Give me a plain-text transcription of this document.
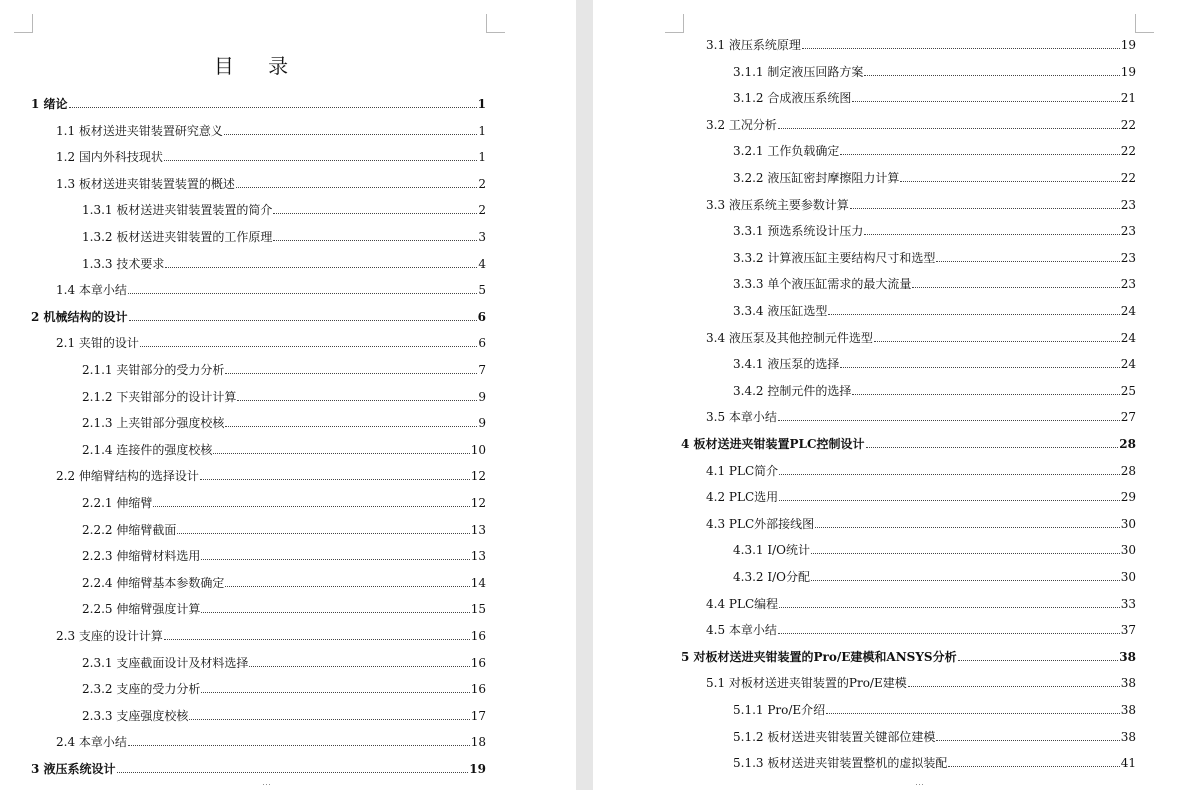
目 录
1 绪论	1
1.1 板材送进夹钳装置研究意义	1
1.2 国内外科技现状	1
1.3 板材送进夹钳装置装置的概述	2
1.3.1 板材送进夹钳装置装置的简介	2
1.3.2 板材送进夹钳装置的工作原理	3
1.3.3 技术要求	4
1.4 本章小结	5
2 机械结构的设计	6
2.1 夹钳的设计	6
2.1.1 夹钳部分的受力分析	7
2.1.2 下夹钳部分的设计计算	9
2.1.3 上夹钳部分强度校核	9
2.1.4 连接件的强度校核	10
2.2 伸缩臂结构的选择设计	12
2.2.1 伸缩臂	12
2.2.2 伸缩臂截面	13
2.2.3 伸缩臂材料选用	13
2.2.4 伸缩臂基本参数确定	14
2.2.5 伸缩臂强度计算	15
2.3 支座的设计计算	16
2.3.1 支座截面设计及材料选择	16
2.3.2 支座的受力分析	16
2.3.3 支座强度校核	17
2.4 本章小结	18
3 液压系统设计	19
⋯
3.1 液压系统原理	19
3.1.1 制定液压回路方案	19
3.1.2 合成液压系统图	21
3.2 工况分析	22
3.2.1 工作负载确定	22
3.2.2 液压缸密封摩擦阻力计算	22
3.3 液压系统主要参数计算	23
3.3.1 预选系统设计压力	23
3.3.2 计算液压缸主要结构尺寸和选型	23
3.3.3 单个液压缸需求的最大流量	23
3.3.4 液压缸选型	24
3.4 液压泵及其他控制元件选型	24
3.4.1 液压泵的选择	24
3.4.2 控制元件的选择	25
3.5 本章小结	27
4 板材送进夹钳装置PLC控制设计	28
4.1 PLC简介	28
4.2 PLC选用	29
4.3 PLC外部接线图	30
4.3.1 I/O统计	30
4.3.2 I/O分配	30
4.4 PLC编程	33
4.5 本章小结	37
5 对板材送进夹钳装置的Pro/E建模和ANSYS分析	38
5.1 对板材送进夹钳装置的Pro/E建模	38
5.1.1 Pro/E介绍	38
5.1.2 板材送进夹钳装置关键部位建模	38
5.1.3 板材送进夹钳装置整机的虚拟装配	41
⋯
